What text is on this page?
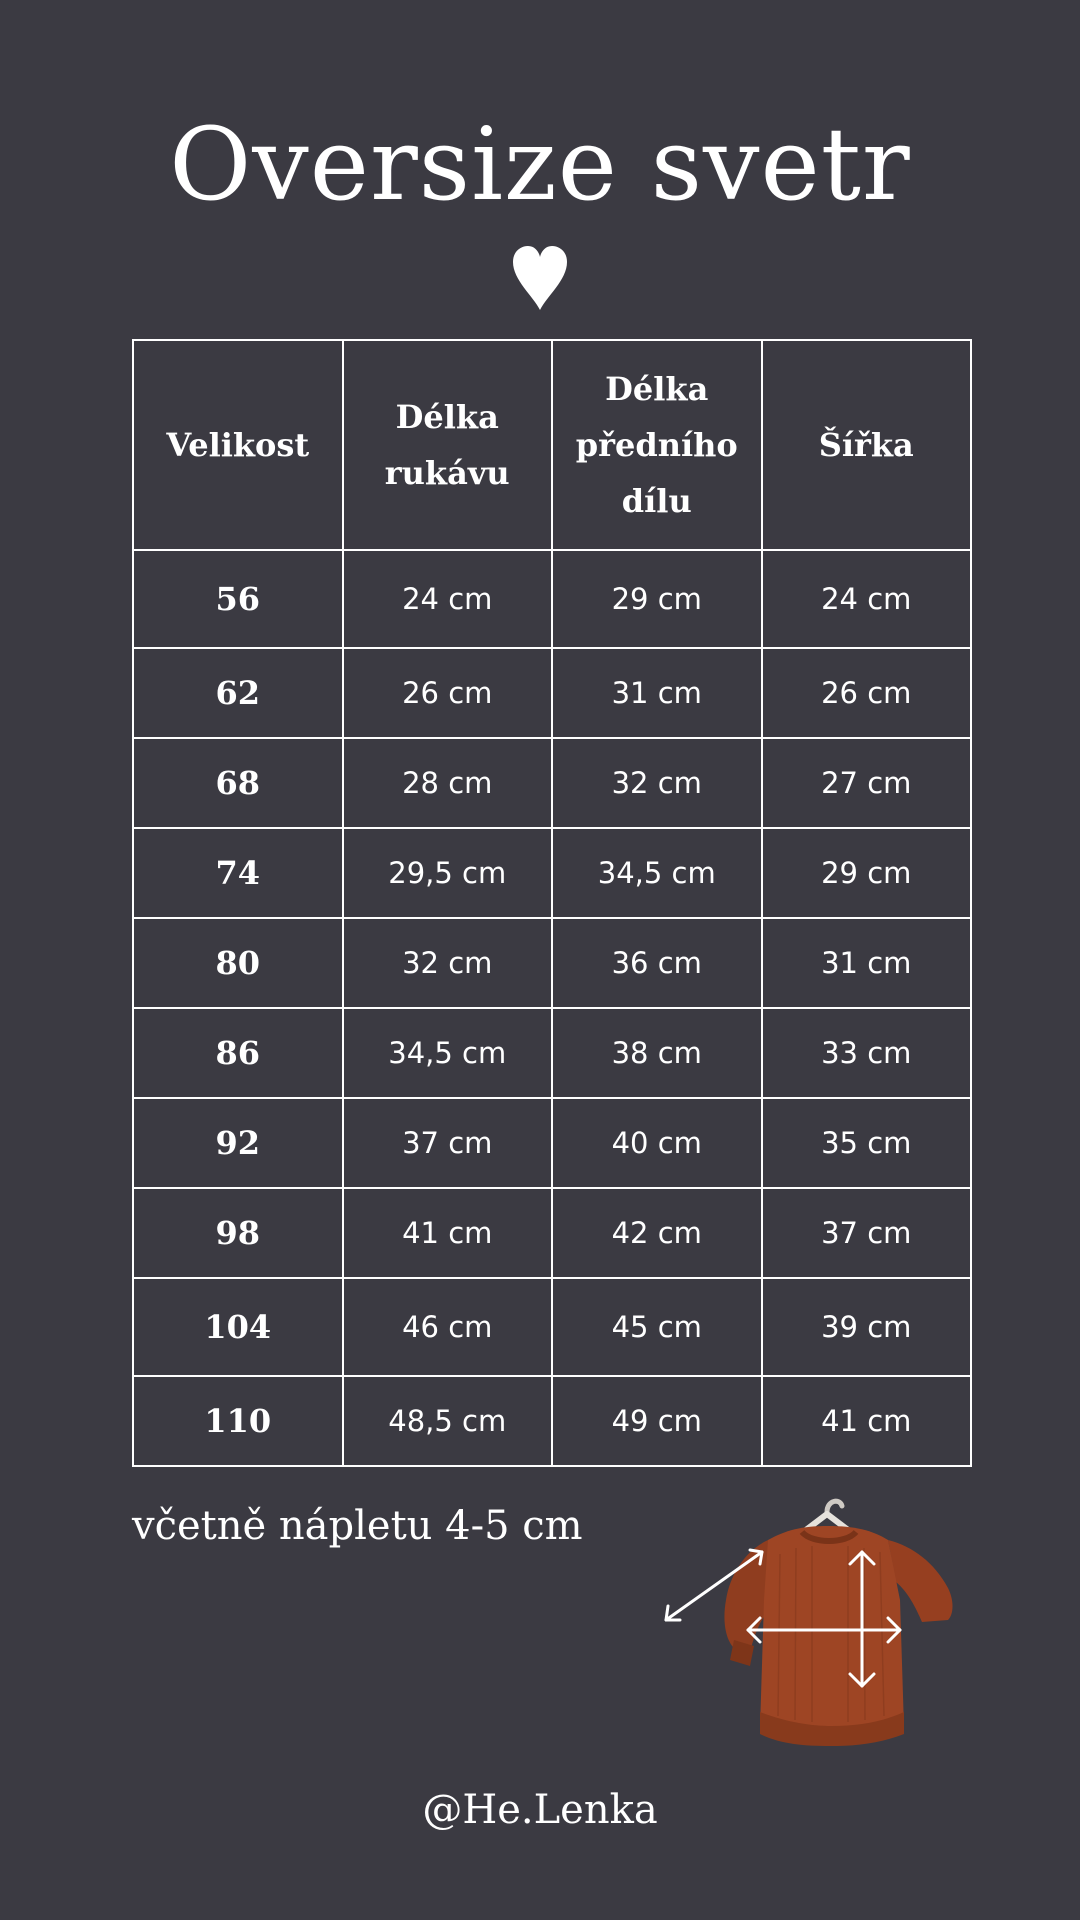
Oversize svetr
Velikost	Délka rukávu	Délka předního dílu	Šířka
56	24 cm	29 cm	24 cm
62	26 cm	31 cm	26 cm
68	28 cm	32 cm	27 cm
74	29,5 cm	34,5 cm	29 cm
80	32 cm	36 cm	31 cm
86	34,5 cm	38 cm	33 cm
92	37 cm	40 cm	35 cm
98	41 cm	42 cm	37 cm
104	46 cm	45 cm	39 cm
110	48,5 cm	49 cm	41 cm

včetně nápletu 4-5 cm

@He.Lenka
